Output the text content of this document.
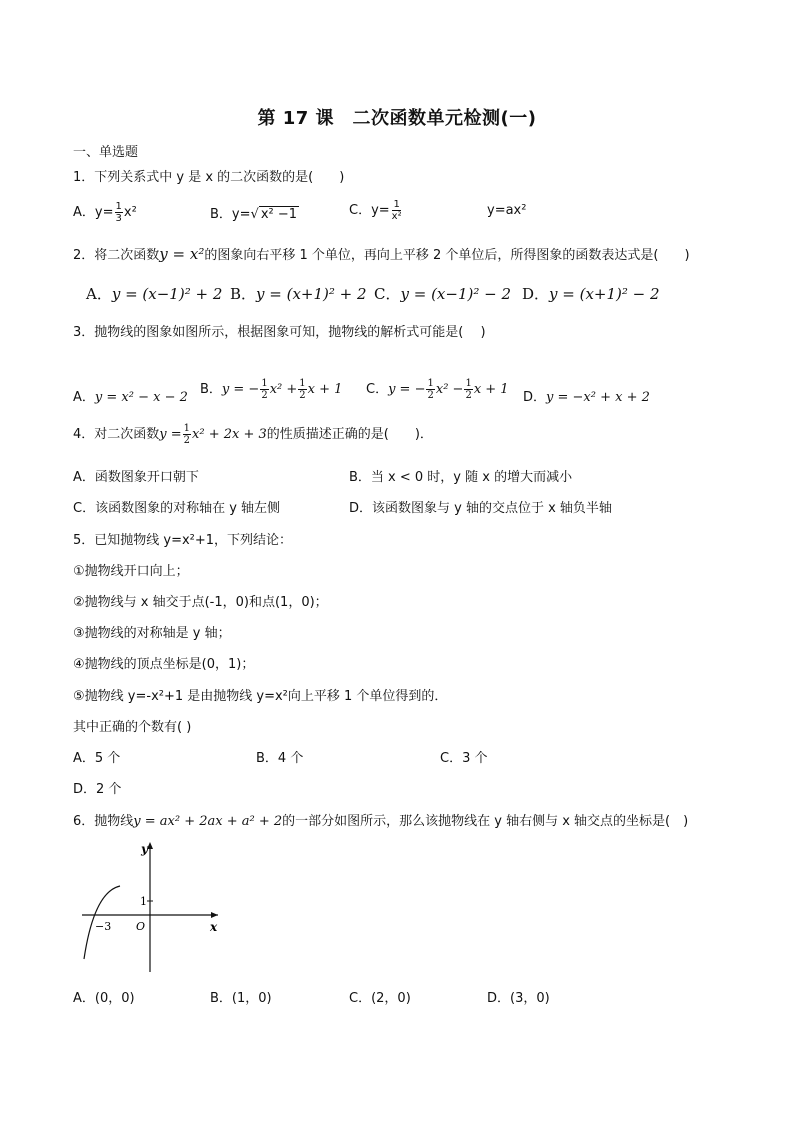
第 17 课　二次函数单元检测(一)
一、单选题
1．下列关系式中 y 是 x 的二次函数的是(　　)
A．$y= \frac{1}{3} x^2$	B．y=√ x² −1	C．$y= \frac{1}{\text{x²}}$	y=ax²
2．将二次函数y = x²的图象向右平移 1 个单位，再向上平移 2 个单位后，所得图象的函数表达式是(　　)
A．y = (x−1)² + 2 B．y = (x+1)² + 2 C．y = (x−1)² − 2 D．y = (x+1)² − 2
3．抛物线的图象如图所示，根据图象可知，抛物线的解析式可能是(　 )
A．y = x² − x − 2
B．y = − $\frac{1}{2} x^2 + \frac{1}{2}$ x + 1 C．y = − $\frac{1}{2} x^2 - \frac{1}{2}$ x + 1
D．y = −x² + x + 2
4．对二次函数$y = \frac{1}{2} x^2 + 2x + 3$的性质描述正确的是(　　)．
A．函数图象开口朝下	B．当 x < 0 时，y 随 x 的增大而减小
C．该函数图象的对称轴在 y 轴左侧	D．该函数图象与 y 轴的交点位于 x 轴负半轴
5．已知抛物线 y=x²+1，下列结论：
①抛物线开口向上；
②抛物线与 x 轴交于点(-1，0)和点(1，0)；
③抛物线的对称轴是 y 轴；
④抛物线的顶点坐标是(0，1)；
⑤抛物线 y=-x²+1 是由抛物线 y=x²向上平移 1 个单位得到的．
其中正确的个数有( )
A．5 个	B．4 个	C．3 个
D．2 个
6．抛物线y = ax² + 2ax + a² + 2的一部分如图所示，那么该抛物线在 y 轴右侧与 x 轴交点的坐标是(　)
y
x
O
−3
1
A．(0，0)	B．(1，0)	C．(2，0)	D．(3，0)
